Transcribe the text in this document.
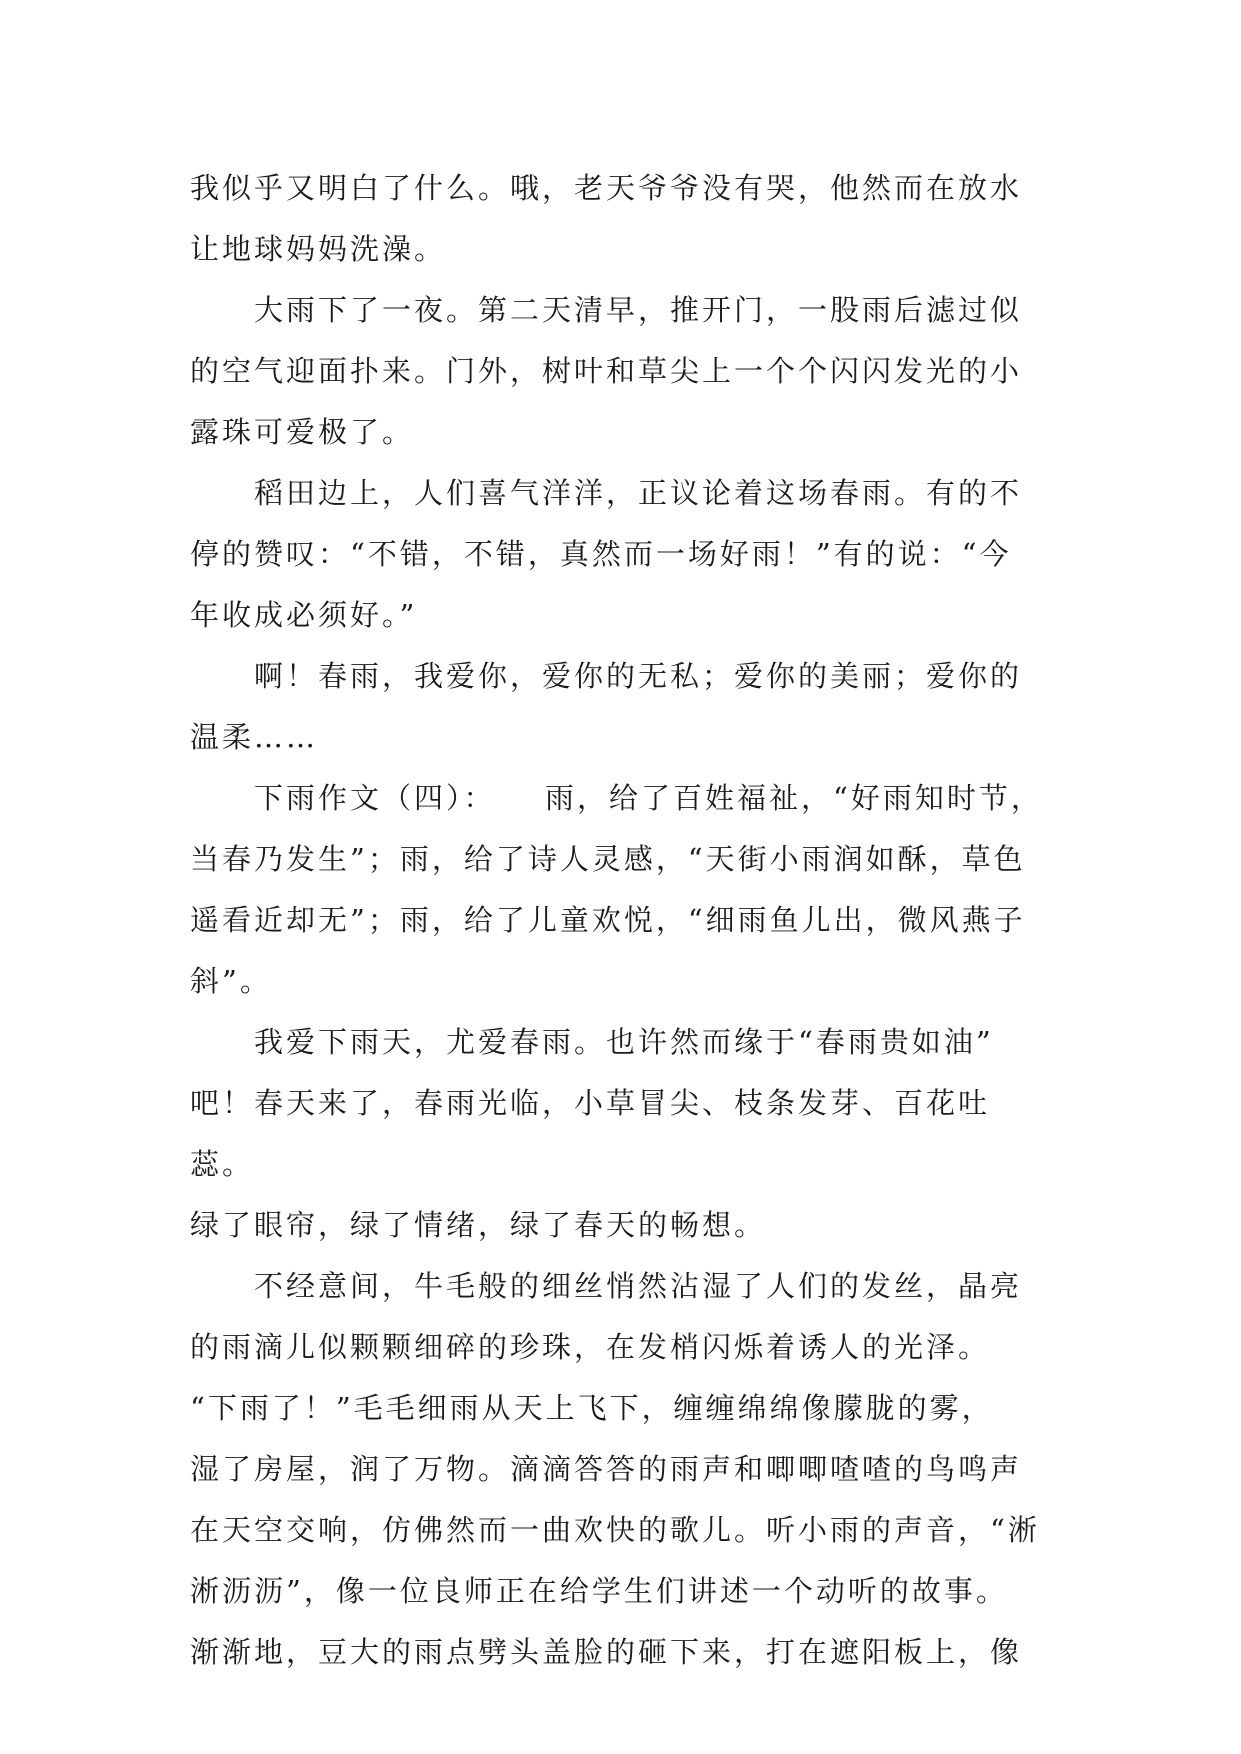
我似乎又明白了什么。哦，老天爷爷没有哭，他然而在放水
让地球妈妈洗澡。
大雨下了一夜。第二天清早，推开门，一股雨后滤过似
的空气迎面扑来。门外，树叶和草尖上一个个闪闪发光的小
露珠可爱极了。
稻田边上，人们喜气洋洋，正议论着这场春雨。有的不
停的赞叹：“不错，不错，真然而一场好雨！”有的说：“今
年收成必须好。”
啊！春雨，我爱你，爱你的无私；爱你的美丽；爱你的
温柔……
下雨作文（四）：　　雨，给了百姓福祉，“好雨知时节，
当春乃发生”；雨，给了诗人灵感，“天街小雨润如酥，草色
遥看近却无”；雨，给了儿童欢悦，“细雨鱼儿出，微风燕子
斜”。
我爱下雨天，尤爱春雨。也许然而缘于“春雨贵如油”
吧！春天来了，春雨光临，小草冒尖、枝条发芽、百花吐蕊。
绿了眼帘，绿了情绪，绿了春天的畅想。
不经意间，牛毛般的细丝悄然沾湿了人们的发丝，晶亮
的雨滴儿似颗颗细碎的珍珠，在发梢闪烁着诱人的光泽。
“下雨了！”毛毛细雨从天上飞下，缠缠绵绵像朦胧的雾，
湿了房屋，润了万物。滴滴答答的雨声和唧唧喳喳的鸟鸣声
在天空交响，仿佛然而一曲欢快的歌儿。听小雨的声音，“淅
淅沥沥”，像一位良师正在给学生们讲述一个动听的故事。
渐渐地，豆大的雨点劈头盖脸的砸下来，打在遮阳板上，像
